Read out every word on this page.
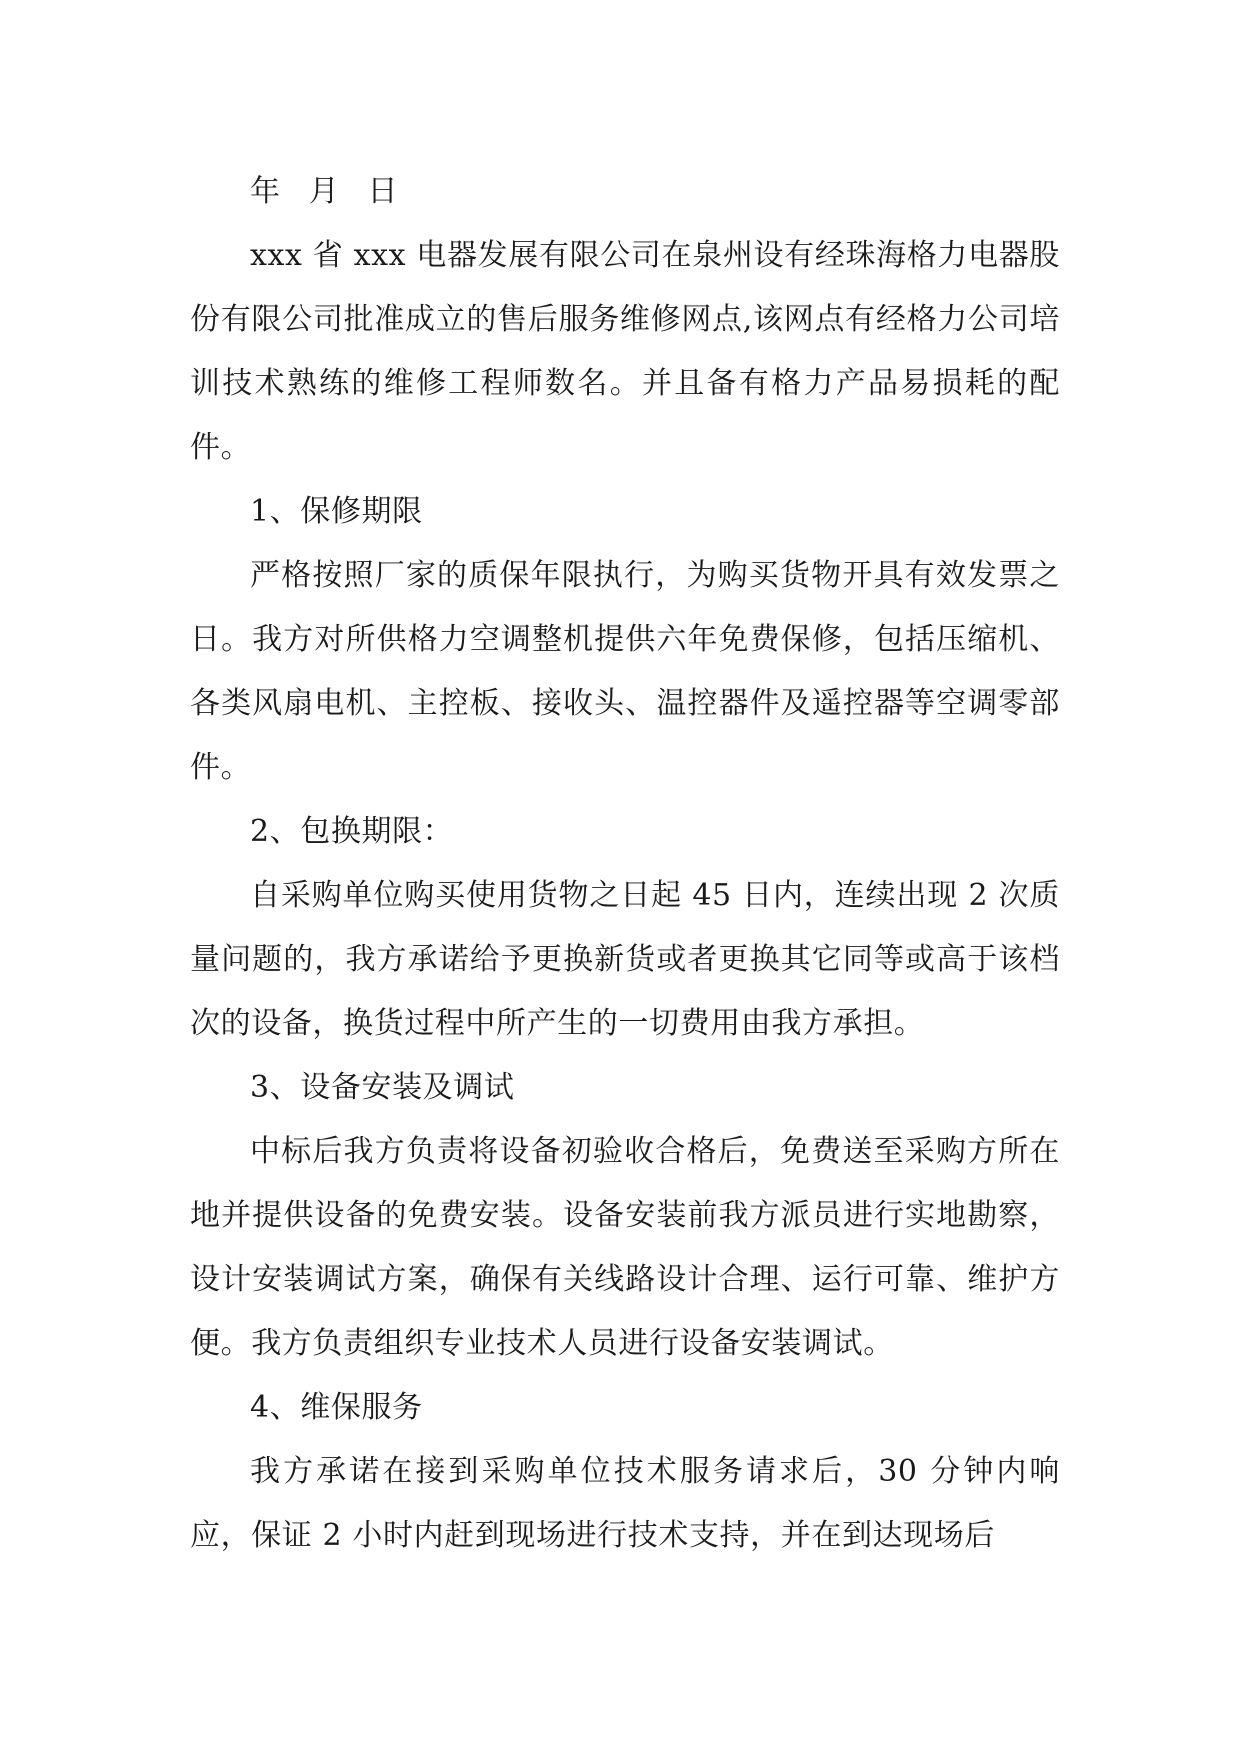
年 月 日

xxx 省 xxx 电器发展有限公司在泉州设有经珠海格力电器股份有限公司批准成立的售后服务维修网点,该网点有经格力公司培训技术熟练的维修工程师数名。并且备有格力产品易损耗的配件。

1、保修期限

严格按照厂家的质保年限执行，为购买货物开具有效发票之日。我方对所供格力空调整机提供六年免费保修，包括压缩机、各类风扇电机、主控板、接收头、温控器件及遥控器等空调零部件。

2、包换期限：

自采购单位购买使用货物之日起 45 日内，连续出现 2 次质量问题的，我方承诺给予更换新货或者更换其它同等或高于该档次的设备，换货过程中所产生的一切费用由我方承担。

3、设备安装及调试

中标后我方负责将设备初验收合格后，免费送至采购方所在地并提供设备的免费安装。设备安装前我方派员进行实地勘察，设计安装调试方案，确保有关线路设计合理、运行可靠、维护方便。我方负责组织专业技术人员进行设备安装调试。

4、维保服务

我方承诺在接到采购单位技术服务请求后，30 分钟内响应，保证 2 小时内赶到现场进行技术支持，并在到达现场后
